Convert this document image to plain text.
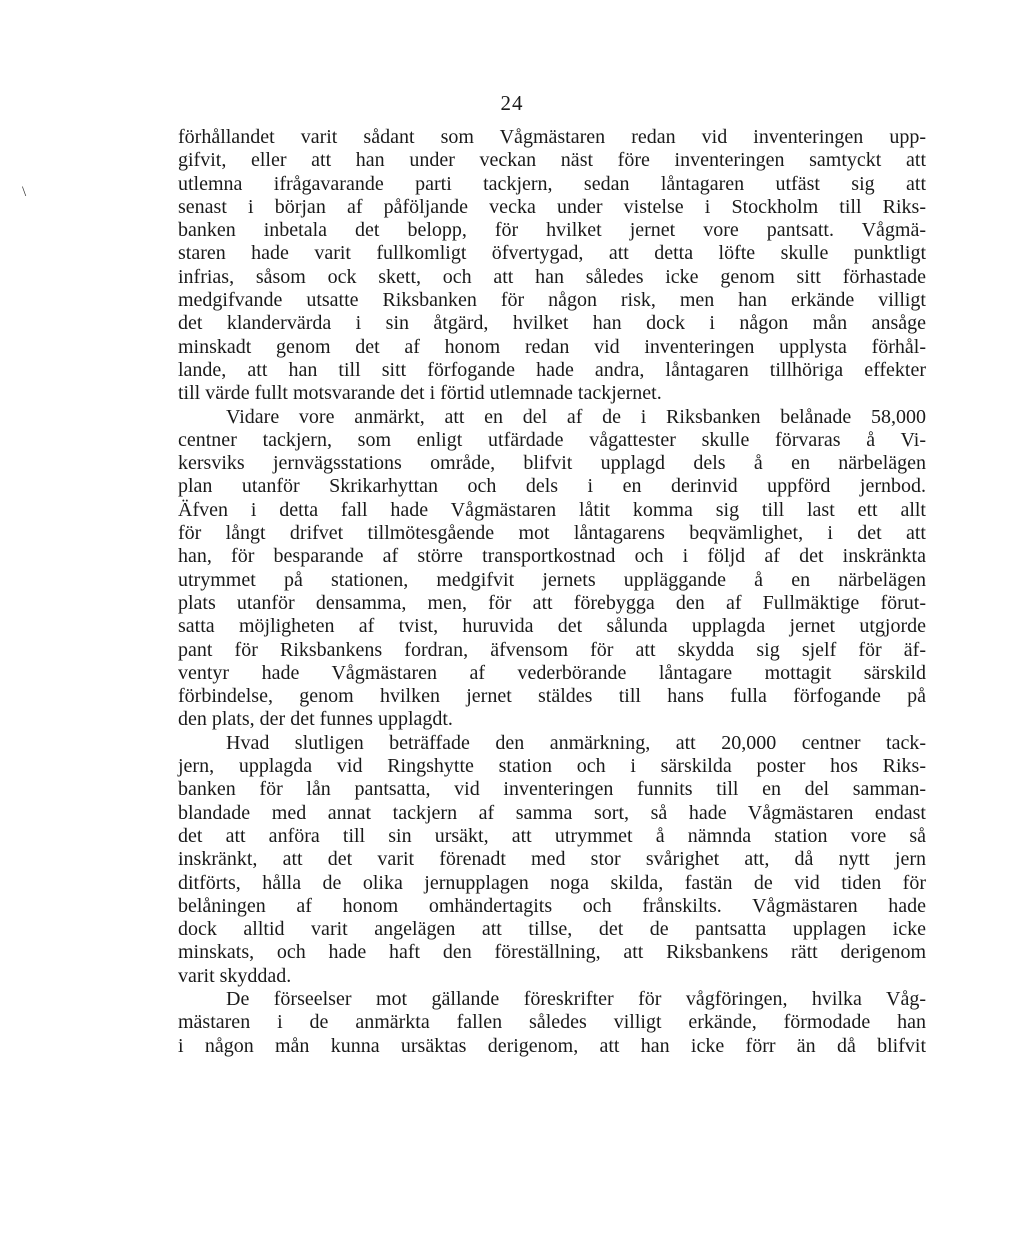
24
\
förhållandet varit sådant som Vågmästaren redan vid inventeringen upp-
gifvit, eller att han under veckan näst före inventeringen samtyckt att
utlemna ifrågavarande parti tackjern, sedan låntagaren utfäst sig att
senast i början af påföljande vecka under vistelse i Stockholm till Riks-
banken inbetala det belopp, för hvilket jernet vore pantsatt. Vågmä-
staren hade varit fullkomligt öfvertygad, att detta löfte skulle punktligt
infrias, såsom ock skett, och att han således icke genom sitt förhastade
medgifvande utsatte Riksbanken för någon risk, men han erkände villigt
det klandervärda i sin åtgärd, hvilket han dock i någon mån ansåge
minskadt genom det af honom redan vid inventeringen upplysta förhål-
lande, att han till sitt förfogande hade andra, låntagaren tillhöriga effekter
till värde fullt motsvarande det i förtid utlemnade tackjernet.
Vidare vore anmärkt, att en del af de i Riksbanken belånade 58,000
centner tackjern, som enligt utfärdade vågattester skulle förvaras å Vi-
kersviks jernvägsstations område, blifvit upplagd dels å en närbelägen
plan utanför Skrikarhyttan och dels i en derinvid uppförd jernbod.
Äfven i detta fall hade Vågmästaren låtit komma sig till last ett allt
för långt drifvet tillmötesgående mot låntagarens beqvämlighet, i det att
han, för besparande af större transportkostnad och i följd af det inskränkta
utrymmet på stationen, medgifvit jernets uppläggande å en närbelägen
plats utanför densamma, men, för att förebygga den af Fullmäktige förut-
satta möjligheten af tvist, huruvida det sålunda upplagda jernet utgjorde
pant för Riksbankens fordran, äfvensom för att skydda sig sjelf för äf-
ventyr hade Vågmästaren af vederbörande låntagare mottagit särskild
förbindelse, genom hvilken jernet stäldes till hans fulla förfogande på
den plats, der det funnes upplagdt.
Hvad slutligen beträffade den anmärkning, att 20,000 centner tack-
jern, upplagda vid Ringshytte station och i särskilda poster hos Riks-
banken för lån pantsatta, vid inventeringen funnits till en del samman-
blandade med annat tackjern af samma sort, så hade Vågmästaren endast
det att anföra till sin ursäkt, att utrymmet å nämnda station vore så
inskränkt, att det varit förenadt med stor svårighet att, då nytt jern
ditförts, hålla de olika jernupplagen noga skilda, fastän de vid tiden för
belåningen af honom omhändertagits och frånskilts. Vågmästaren hade
dock alltid varit angelägen att tillse, det de pantsatta upplagen icke
minskats, och hade haft den föreställning, att Riksbankens rätt derigenom
varit skyddad.
De förseelser mot gällande föreskrifter för vågföringen, hvilka Våg-
mästaren i de anmärkta fallen således villigt erkände, förmodade han
i någon mån kunna ursäktas derigenom, att han icke förr än då blifvit
